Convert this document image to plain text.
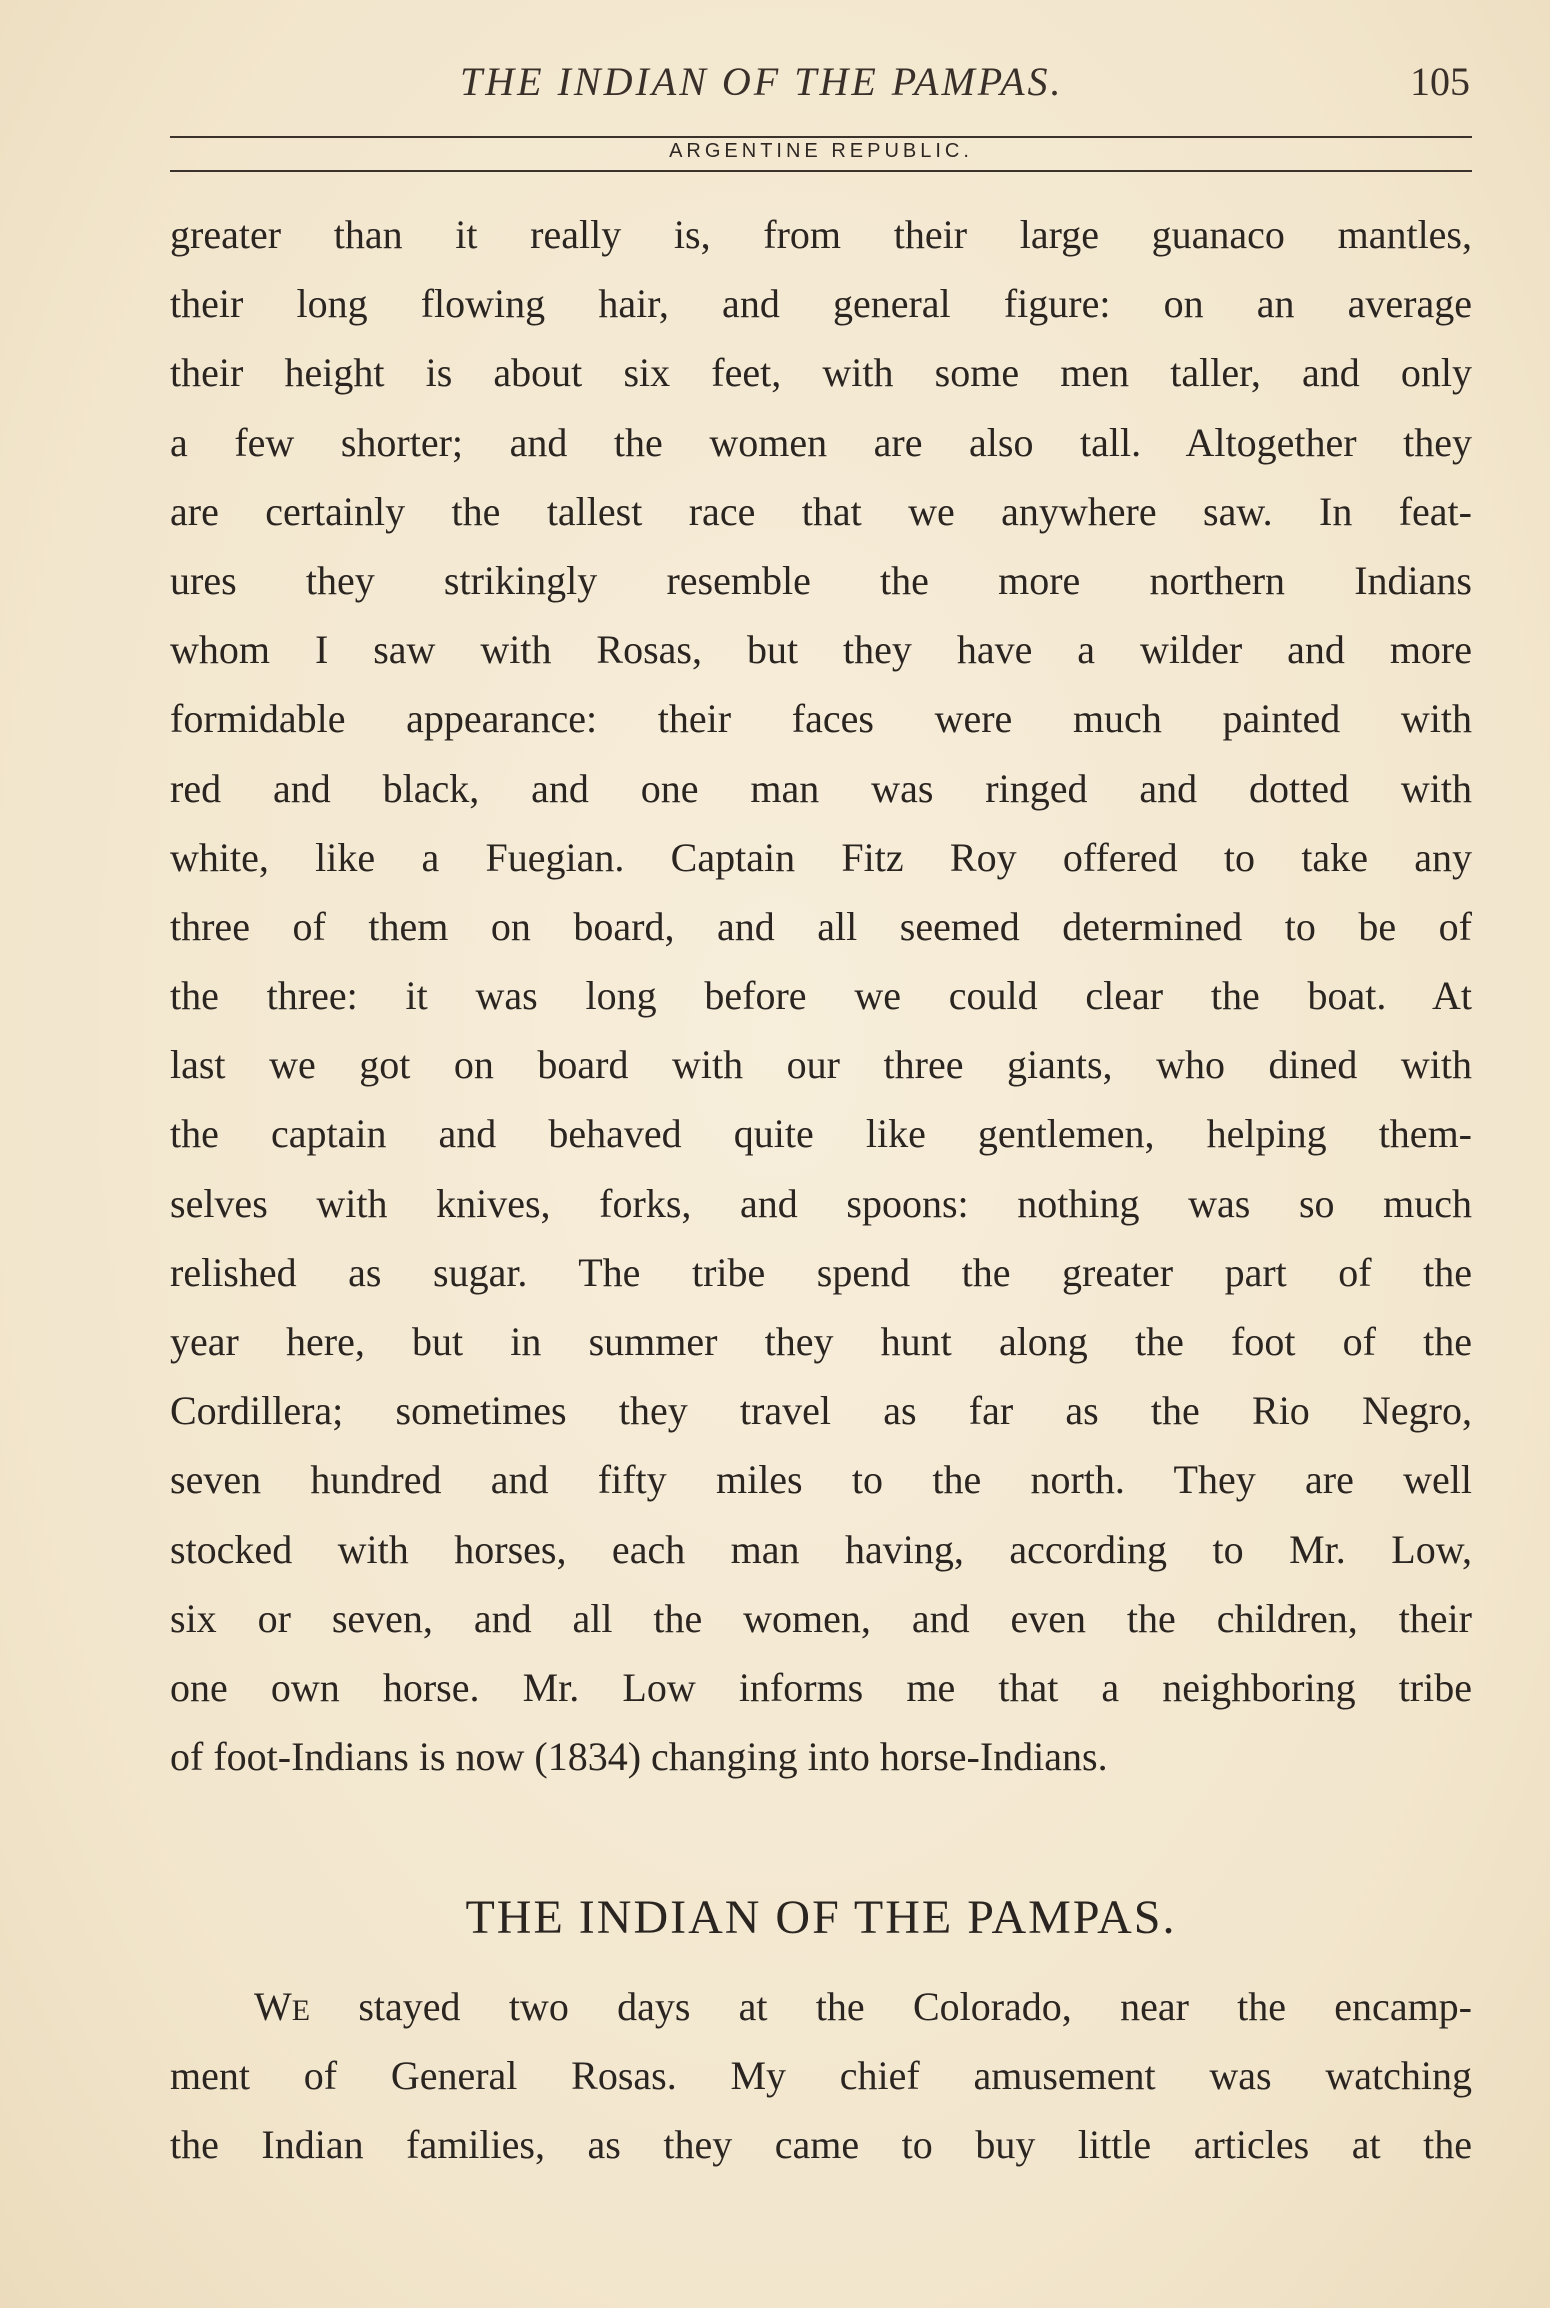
THE INDIAN OF THE PAMPAS.	105
ARGENTINE REPUBLIC.
greater than it really is, from their large guanaco mantles,
their long flowing hair, and general figure: on an average
their height is about six feet, with some men taller, and only
a few shorter; and the women are also tall. Altogether they
are certainly the tallest race that we anywhere saw. In feat-
ures they strikingly resemble the more northern Indians
whom I saw with Rosas, but they have a wilder and more
formidable appearance: their faces were much painted with
red and black, and one man was ringed and dotted with
white, like a Fuegian. Captain Fitz Roy offered to take any
three of them on board, and all seemed determined to be of
the three: it was long before we could clear the boat. At
last we got on board with our three giants, who dined with
the captain and behaved quite like gentlemen, helping them-
selves with knives, forks, and spoons: nothing was so much
relished as sugar. The tribe spend the greater part of the
year here, but in summer they hunt along the foot of the
Cordillera; sometimes they travel as far as the Rio Negro,
seven hundred and fifty miles to the north. They are well
stocked with horses, each man having, according to Mr. Low,
six or seven, and all the women, and even the children, their
one own horse. Mr. Low informs me that a neighboring tribe
of foot-Indians is now (1834) changing into horse-Indians.
THE INDIAN OF THE PAMPAS.
WE stayed two days at the Colorado, near the encamp-
ment of General Rosas. My chief amusement was watching
the Indian families, as they came to buy little articles at the
